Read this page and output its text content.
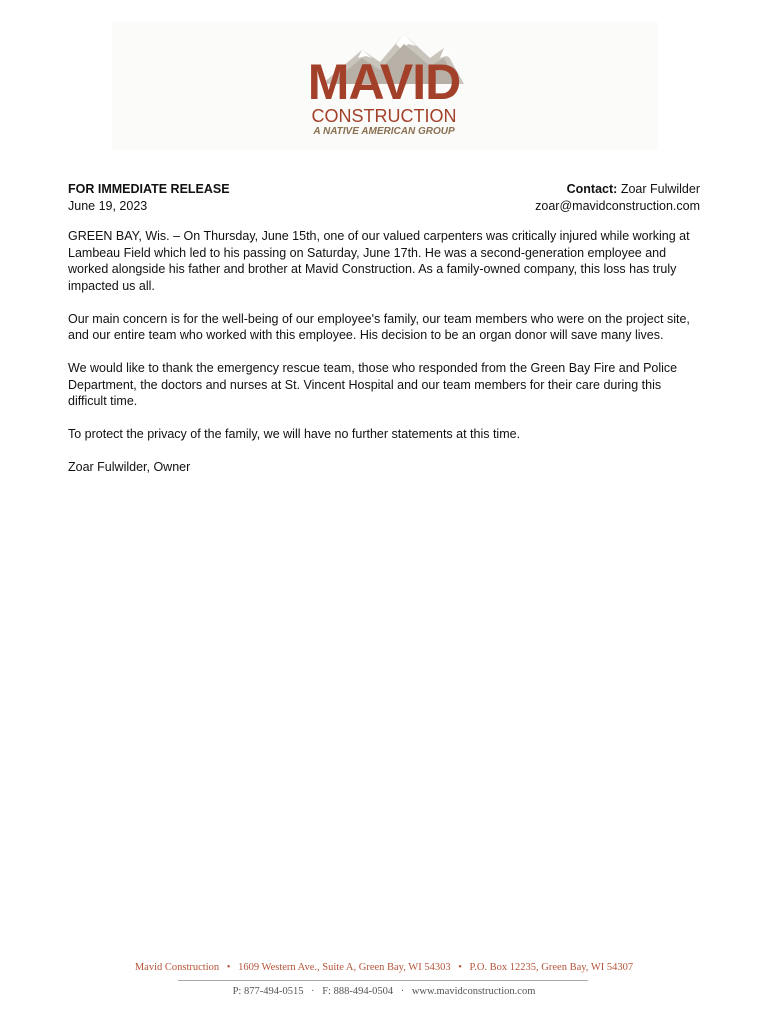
MAVID
CONSTRUCTION
A NATIVE AMERICAN GROUP
FOR IMMEDIATE RELEASE
June 19, 2023
Contact: Zoar Fulwilder
zoar@mavidconstruction.com

GREEN BAY, Wis. – On Thursday, June 15th, one of our valued carpenters was critically injured while working at Lambeau Field which led to his passing on Saturday, June 17th. He was a second-generation employee and worked alongside his father and brother at Mavid Construction. As a family-owned company, this loss has truly impacted us all.

Our main concern is for the well-being of our employee's family, our team members who were on the project site, and our entire team who worked with this employee. His decision to be an organ donor will save many lives.

We would like to thank the emergency rescue team, those who responded from the Green Bay Fire and Police Department, the doctors and nurses at St. Vincent Hospital and our team members for their care during this difficult time.

To protect the privacy of the family, we will have no further statements at this time.

Zoar Fulwilder, Owner

Mavid Construction • 1609 Western Ave., Suite A, Green Bay, WI 54303 • P.O. Box 12235, Green Bay, WI 54307
P: 877-494-0515 · F: 888-494-0504 · www.mavidconstruction.com
